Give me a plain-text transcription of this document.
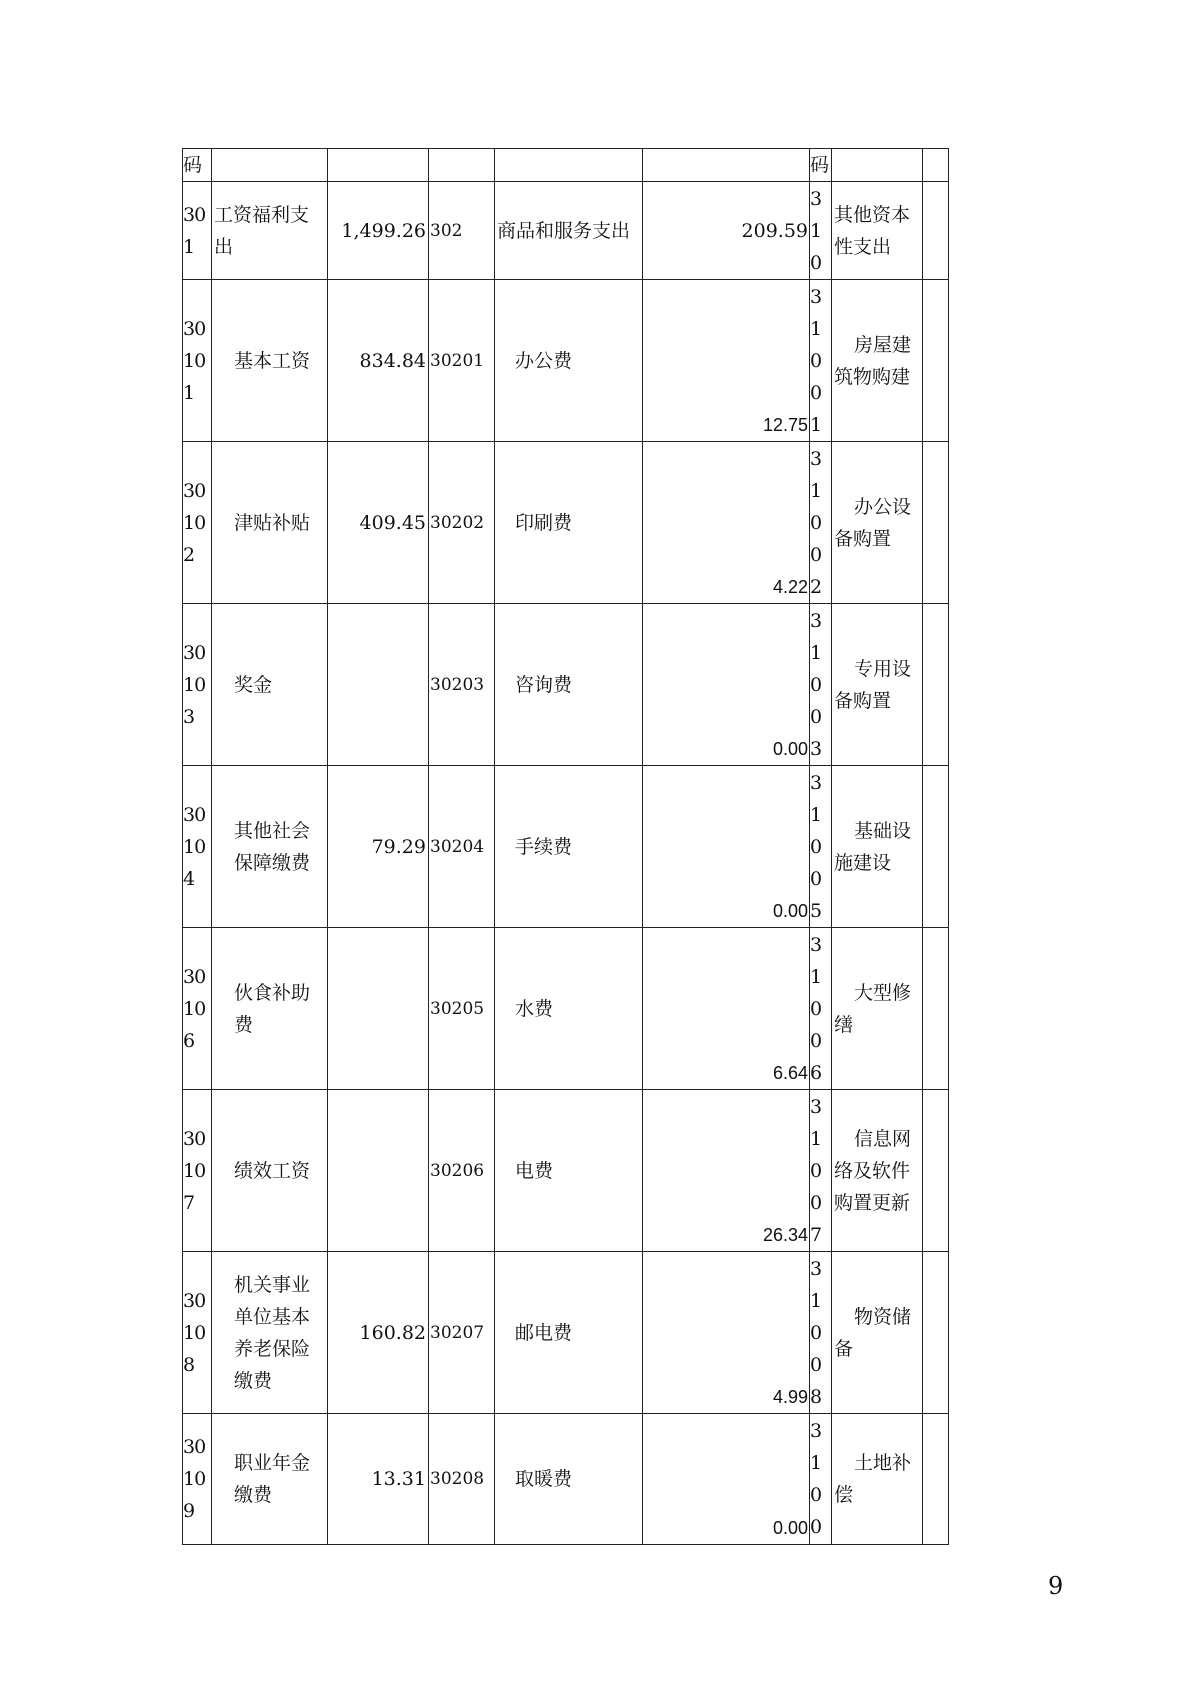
码						码		
301	工资福利支出	1,499.26	302	商品和服务支出	209.59	310	其他资本性支出	
30101	基本工资	834.84	30201	办公费	12.75	31001	房屋建筑物购建	
30102	津贴补贴	409.45	30202	印刷费	4.22	31002	办公设备购置	
30103	奖金		30203	咨询费	0.00	31003	专用设备购置	
30104	其他社会保障缴费	79.29	30204	手续费	0.00	31005	基础设施建设	
30106	伙食补助费		30205	水费	6.64	31006	大型修缮	
30107	绩效工资		30206	电费	26.34	31007	信息网络及软件购置更新	
30108	机关事业单位基本养老保险缴费	160.82	30207	邮电费	4.99	31008	物资储备	
30109	职业年金缴费	13.31	30208	取暖费	0.00	3100	土地补偿	
9
